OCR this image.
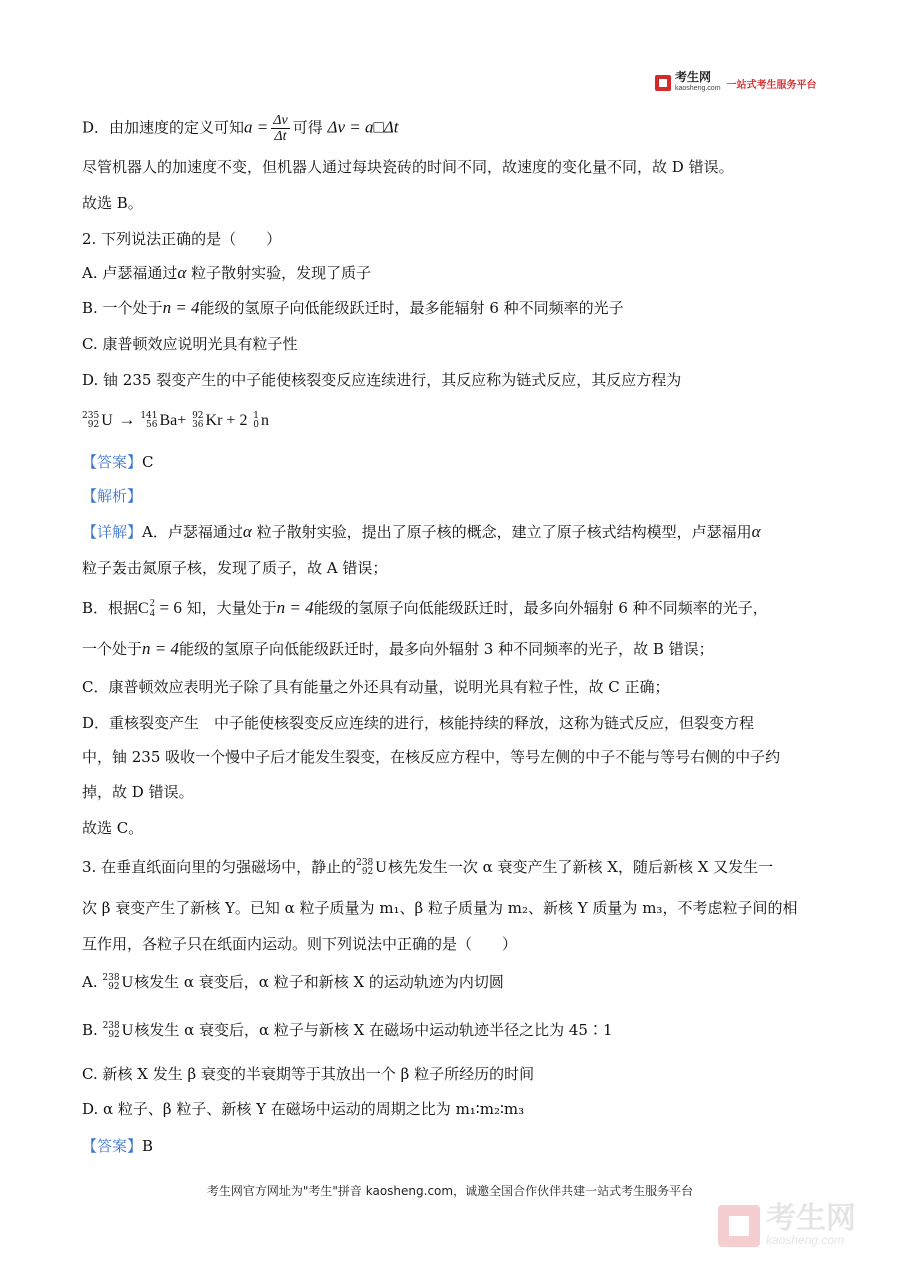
考生网
kaosheng.com 一站式考生服务平台
D．由加速度的定义可知$a = \frac{\Delta v}{\Delta t}$ 可得 Δv = a□Δt
尽管机器人的加速度不变，但机器人通过每块瓷砖的时间不同，故速度的变化量不同，故 D 错误。
故选 B。
2. 下列说法正确的是（　　）
A. 卢瑟福通过α 粒子散射实验，发现了质子
B. 一个处于n = 4能级的氢原子向低能级跃迁时，最多能辐射 6 种不同频率的光子
C. 康普顿效应说明光具有粒子性
D. 铀 235 裂变产生的中子能使核裂变反应连续进行，其反应称为链式反应，其反应方程为
235
92 U → 141
56 Ba+
92
36 Kr + 2
1
0 n
【答案】C
【解析】
【详解】A．卢瑟福通过α 粒子散射实验，提出了原子核的概念，建立了原子核式结构模型，卢瑟福用α
粒子轰击氮原子核，发现了质子，故 A 错误；
B．根据 C 2
4 = 6 知，大量处于n = 4能级的氢原子向低能级跃迁时，最多向外辐射 6 种不同频率的光子，
一个处于n = 4能级的氢原子向低能级跃迁时，最多向外辐射 3 种不同频率的光子，故 B 错误；
C．康普顿效应表明光子除了具有能量之外还具有动量，说明光具有粒子性，故 C 正确；
D．重核裂变产生　中子能使核裂变反应连续的进行，核能持续的释放，这称为链式反应，但裂变方程
中，铀 235 吸收一个慢中子后才能发生裂变，在核反应方程中，等号左侧的中子不能与等号右侧的中子约
掉，故 D 错误。
故选 C。
3. 在垂直纸面向里的匀强磁场中，静止的 238
92 U 核先发生一次 α 衰变产生了新核 X，随后新核 X 又发生一
次 β 衰变产生了新核 Y。已知 α 粒子质量为 m₁、β 粒子质量为 m₂、新核 Y 质量为 m₃，不考虑粒子间的相
互作用，各粒子只在纸面内运动。则下列说法中正确的是（　　）
A. 238
92 U 核发生 α 衰变后，α 粒子和新核 X 的运动轨迹为内切圆
B. 238
92 U 核发生 α 衰变后，α 粒子与新核 X 在磁场中运动轨迹半径之比为 45∶1
C. 新核 X 发生 β 衰变的半衰期等于其放出一个 β 粒子所经历的时间
D. α 粒子、β 粒子、新核 Y 在磁场中运动的周期之比为 m₁∶m₂∶m₃
【答案】B
考生网官方网址为"考生"拼音 kaosheng.com，诚邀全国合作伙伴共建一站式考生服务平台
考生网
kaosheng.com
